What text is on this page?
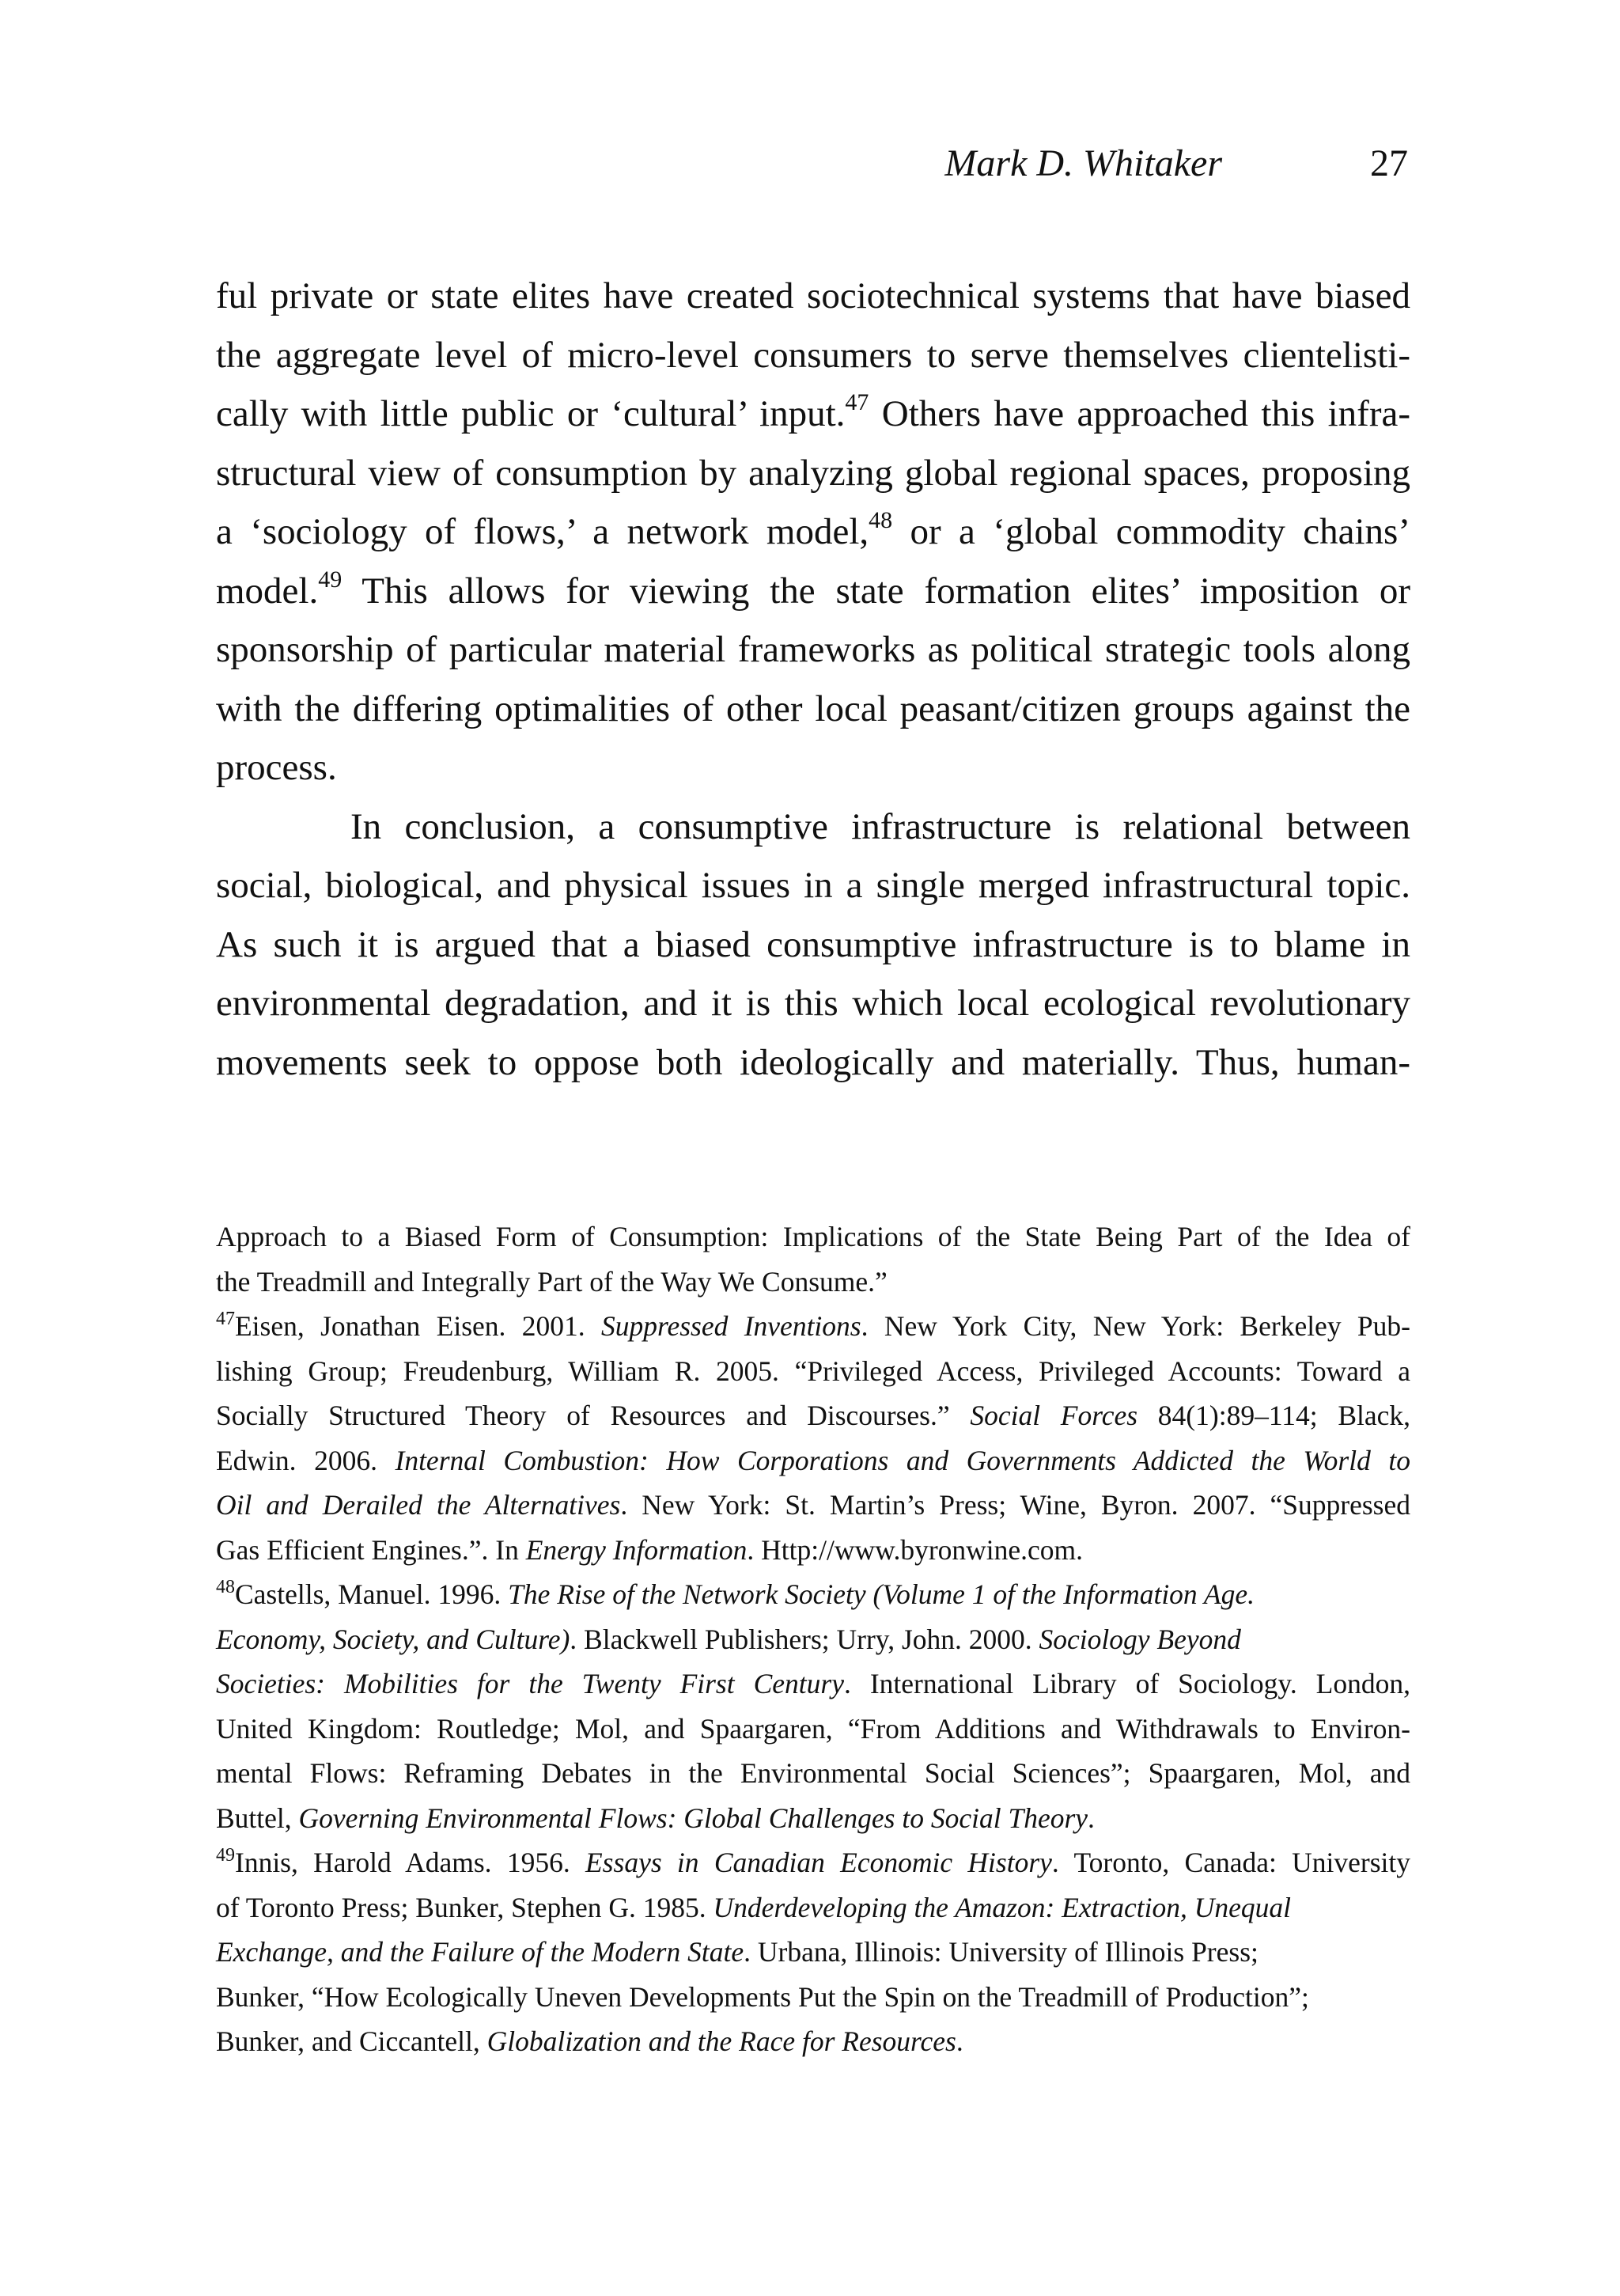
Mark D. Whitaker	27
ful private or state elites have created sociotechnical systems that have biased
the aggregate level of micro-level consumers to serve themselves clientelisti-
cally with little public or ‘cultural’ input.$^{47}$ Others have approached this infra-
structural view of consumption by analyzing global regional spaces, proposing
a ‘sociology of flows,’ a network model,$^{48}$ or a ‘global commodity chains’
model.$^{49}$ This allows for viewing the state formation elites’ imposition or
sponsorship of particular material frameworks as political strategic tools along
with the differing optimalities of other local peasant/citizen groups against the
process.
In conclusion, a consumptive infrastructure is relational between
social, biological, and physical issues in a single merged infrastructural topic.
As such it is argued that a biased consumptive infrastructure is to blame in
environmental degradation, and it is this which local ecological revolutionary
movements seek to oppose both ideologically and materially. Thus, human-
Approach to a Biased Form of Consumption: Implications of the State Being Part of the Idea of
the Treadmill and Integrally Part of the Way We Consume.”
$^{47}$Eisen, Jonathan Eisen. 2001. Suppressed Inventions. New York City, New York: Berkeley Pub-
lishing Group; Freudenburg, William R. 2005. “Privileged Access, Privileged Accounts: Toward a
Socially Structured Theory of Resources and Discourses.” Social Forces 84(1):89–114; Black,
Edwin. 2006. Internal Combustion: How Corporations and Governments Addicted the World to
Oil and Derailed the Alternatives. New York: St. Martin’s Press; Wine, Byron. 2007. “Suppressed
Gas Efficient Engines.”. In Energy Information. Http://www.byronwine.com.
$^{48}$Castells, Manuel. 1996. The Rise of the Network Society (Volume 1 of the Information Age.
Economy, Society, and Culture). Blackwell Publishers; Urry, John. 2000. Sociology Beyond
Societies: Mobilities for the Twenty First Century. International Library of Sociology. London,
United Kingdom: Routledge; Mol, and Spaargaren, “From Additions and Withdrawals to Environ-
mental Flows: Reframing Debates in the Environmental Social Sciences”; Spaargaren, Mol, and
Buttel, Governing Environmental Flows: Global Challenges to Social Theory.
$^{49}$Innis, Harold Adams. 1956. Essays in Canadian Economic History. Toronto, Canada: University
of Toronto Press; Bunker, Stephen G. 1985. Underdeveloping the Amazon: Extraction, Unequal
Exchange, and the Failure of the Modern State. Urbana, Illinois: University of Illinois Press;
Bunker, “How Ecologically Uneven Developments Put the Spin on the Treadmill of Production”;
Bunker, and Ciccantell, Globalization and the Race for Resources.
